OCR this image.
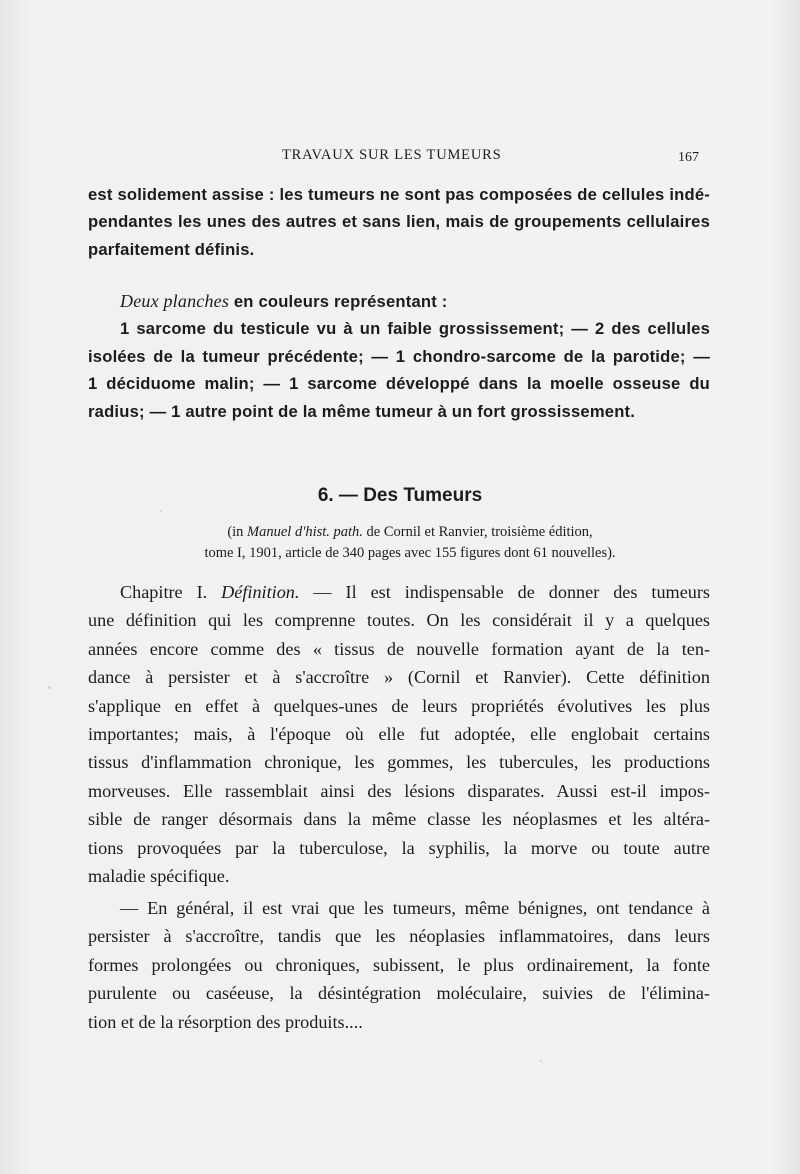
TRAVAUX SUR LES TUMEURS	167

est solidement assise : les tumeurs ne sont pas composées de cellules indé-
pendantes les unes des autres et sans lien, mais de groupements cellulaires
parfaitement définis.

Deux planches en couleurs représentant :
1 sarcome du testicule vu à un faible grossissement; — 2 des cellules
isolées de la tumeur précédente; — 1 chondro-sarcome de la parotide; —
1 déciduome malin; — 1 sarcome développé dans la moelle osseuse du
radius; — 1 autre point de la même tumeur à un fort grossissement.

6. — Des Tumeurs
(in Manuel d'hist. path. de Cornil et Ranvier, troisième édition,
tome I, 1901, article de 340 pages avec 155 figures dont 61 nouvelles).

Chapitre I. Définition. — Il est indispensable de donner des tumeurs
une définition qui les comprenne toutes. On les considérait il y a quelques
années encore comme des « tissus de nouvelle formation ayant de la ten-
dance à persister et à s'accroître » (Cornil et Ranvier). Cette définition
s'applique en effet à quelques-unes de leurs propriétés évolutives les plus
importantes; mais, à l'époque où elle fut adoptée, elle englobait certains
tissus d'inflammation chronique, les gommes, les tubercules, les productions
morveuses. Elle rassemblait ainsi des lésions disparates. Aussi est-il impos-
sible de ranger désormais dans la même classe les néoplasmes et les altéra-
tions provoquées par la tuberculose, la syphilis, la morve ou toute autre
maladie spécifique.

— En général, il est vrai que les tumeurs, même bénignes, ont tendance à
persister à s'accroître, tandis que les néoplasies inflammatoires, dans leurs
formes prolongées ou chroniques, subissent, le plus ordinairement, la fonte
purulente ou caséeuse, la désintégration moléculaire, suivies de l'élimina-
tion et de la résorption des produits....
